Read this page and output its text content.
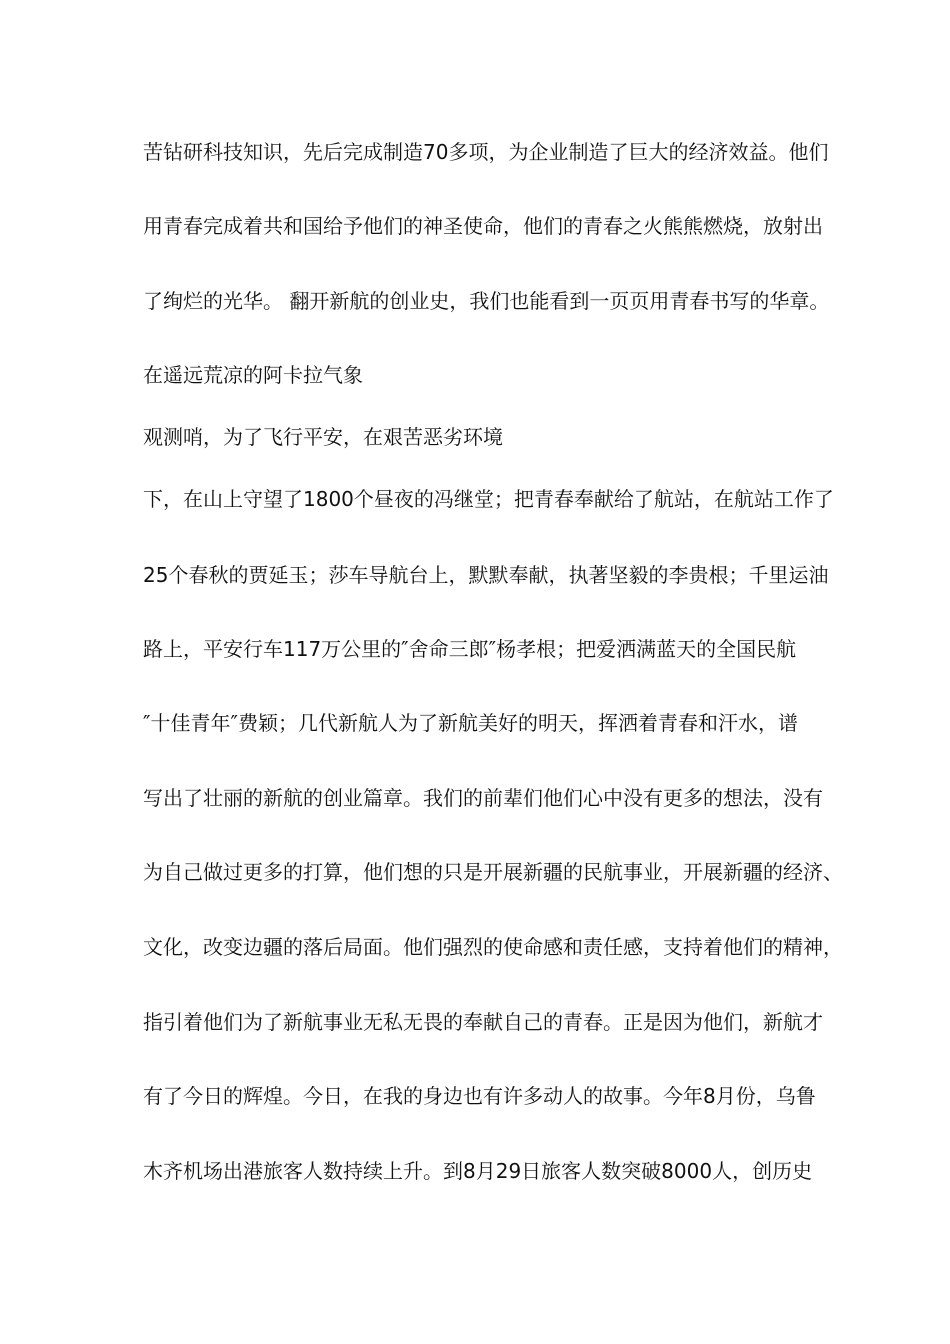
苦钻研科技知识，先后完成制造70多项，为企业制造了巨大的经济效益。他们
用青春完成着共和国给予他们的神圣使命，他们的青春之火熊熊燃烧，放射出
了绚烂的光华。 翻开新航的创业史，我们也能看到一页页用青春书写的华章。
在遥远荒凉的阿卡拉气象
观测哨，为了飞行平安，在艰苦恶劣环境
下，在山上守望了1800个昼夜的冯继堂；把青春奉献给了航站，在航站工作了
25个春秋的贾延玉；莎车导航台上，默默奉献，执著坚毅的李贵根；千里运油
路上，平安行车117万公里的″舍命三郎″杨孝根；把爱洒满蓝天的全国民航
″十佳青年″费颖；几代新航人为了新航美好的明天，挥洒着青春和汗水，谱
写出了壮丽的新航的创业篇章。我们的前辈们他们心中没有更多的想法，没有
为自己做过更多的打算，他们想的只是开展新疆的民航事业，开展新疆的经济、
文化，改变边疆的落后局面。他们强烈的使命感和责任感，支持着他们的精神，
指引着他们为了新航事业无私无畏的奉献自己的青春。正是因为他们，新航才
有了今日的辉煌。今日，在我的身边也有许多动人的故事。今年8月份，乌鲁
木齐机场出港旅客人数持续上升。到8月29日旅客人数突破8000人，创历史
